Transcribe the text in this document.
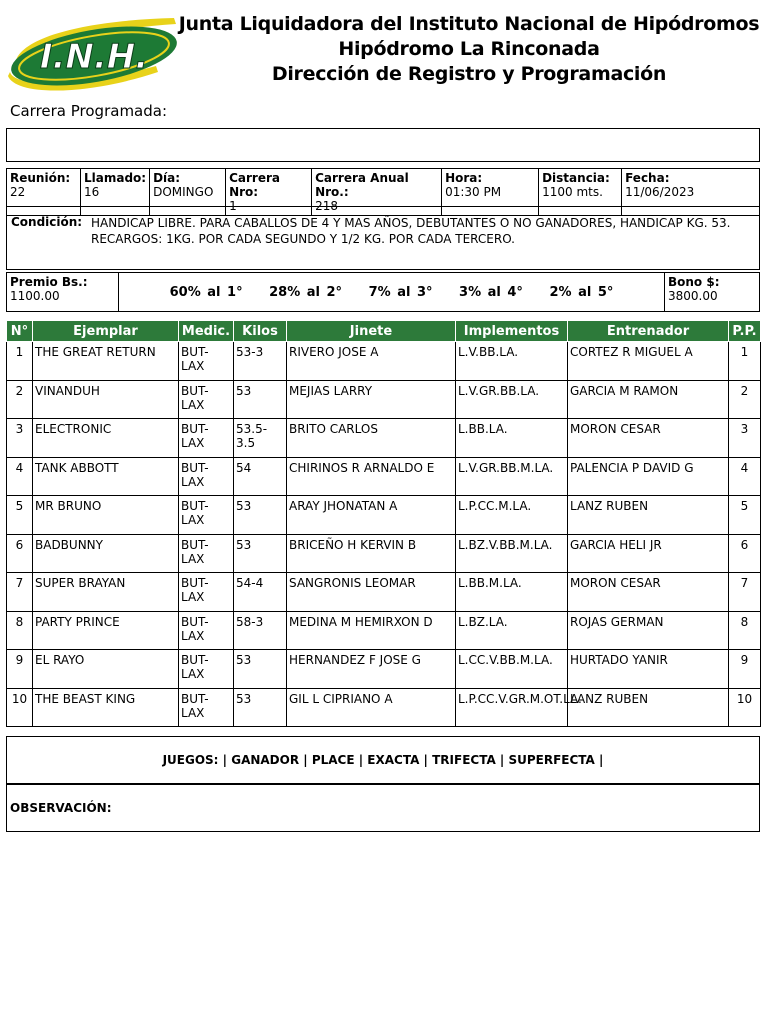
I.N.H.
Junta Liquidadora del Instituto Nacional de Hipódromos
Hipódromo La Rinconada
Dirección de Registro y Programación
Carrera Programada:
Reunión:
22

Llamado:
16

Día:
DOMINGO

Carrera Nro:
1

Carrera Anual Nro.:
218

Hora:
01:30 PM

Distancia:
1100 mts.

Fecha:
11/06/2023
Condición: HANDICAP LIBRE. PARA CABALLOS DE 4 Y MAS AÑOS, DEBUTANTES O NO GANADORES, HANDICAP KG. 53. RECARGOS: 1KG. POR CADA SEGUNDO Y 1/2 KG. POR CADA TERCERO.
Premio Bs.:
1100.00	60% al 1° 28% al 2° 7% al 3° 3% al 4° 2% al 5°	
Bono $:
3800.00
N°	Ejemplar	Medic.	Kilos	Jinete	Implementos	Entrenador	P.P.
1	THE GREAT RETURN	BUT-LAX	53-3	RIVERO JOSE A	L.V.BB.LA.	CORTEZ R MIGUEL A	1
2	VINANDUH	BUT-LAX	53	MEJIAS LARRY	L.V.GR.BB.LA.	GARCIA M RAMON	2
3	ELECTRONIC	BUT-LAX	53.5-3.5	BRITO CARLOS	L.BB.LA.	MORON CESAR	3
4	TANK ABBOTT	BUT-LAX	54	CHIRINOS R ARNALDO E	L.V.GR.BB.M.LA.	PALENCIA P DAVID G	4
5	MR BRUNO	BUT-LAX	53	ARAY JHONATAN A	L.P.CC.M.LA.	LANZ RUBEN	5
6	BADBUNNY	BUT-LAX	53	BRICEÑO H KERVIN B	L.BZ.V.BB.M.LA.	GARCIA HELI JR	6
7	SUPER BRAYAN	BUT-LAX	54-4	SANGRONIS LEOMAR	L.BB.M.LA.	MORON CESAR	7
8	PARTY PRINCE	BUT-LAX	58-3	MEDINA M HEMIRXON D	L.BZ.LA.	ROJAS GERMAN	8
9	EL RAYO	BUT-LAX	53	HERNANDEZ F JOSE G	L.CC.V.BB.M.LA.	HURTADO YANIR	9
10	THE BEAST KING	BUT-LAX	53	GIL L CIPRIANO A	L.P.CC.V.GR.M.OT.LA.	LANZ RUBEN	10
JUEGOS: | GANADOR | PLACE | EXACTA | TRIFECTA | SUPERFECTA |
OBSERVACIÓN:
